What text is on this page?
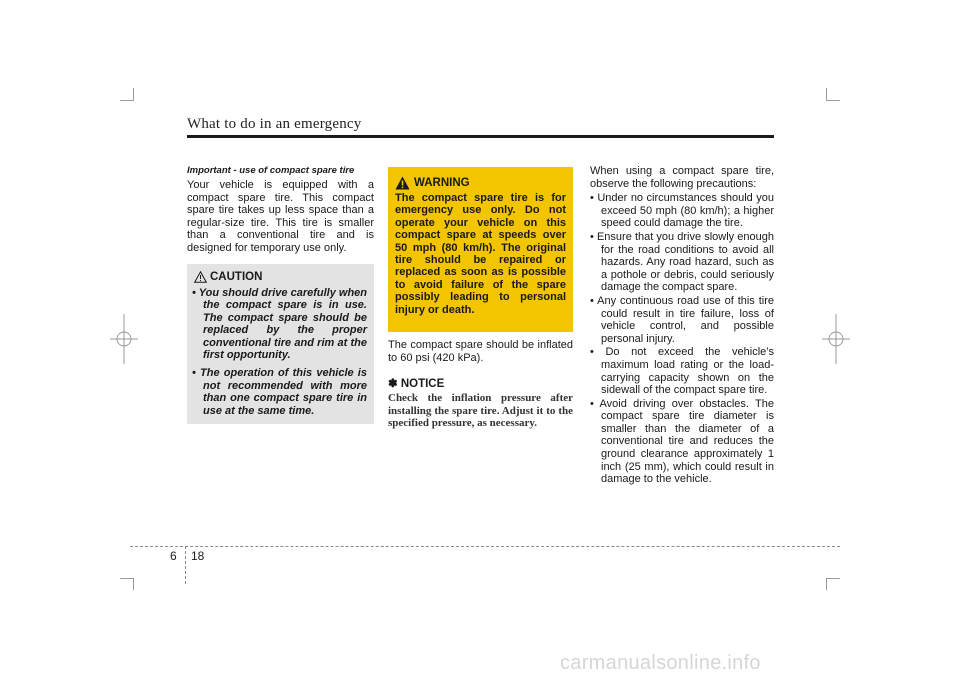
What to do in an emergency

Important - use of compact spare tire

Your vehicle is equipped with a compact spare tire. This compact spare tire takes up less space than a regular-size tire. This tire is smaller than a conventional tire and is designed for temporary use only.

CAUTION
• You should drive carefully when the compact spare is in use. The compact spare should be replaced by the proper conventional tire and rim at the first opportunity.
• The operation of this vehicle is not recommended with more than one compact spare tire in use at the same time.
WARNING

The compact spare tire is for emergency use only. Do not operate your vehicle on this compact spare at speeds over 50 mph (80 km/h). The original tire should be repaired or replaced as soon as is possible to avoid failure of the spare possibly leading to personal injury or death.

The compact spare should be inflated to 60 psi (420 kPa).

✽ NOTICE

Check the inflation pressure after installing the spare tire. Adjust it to the specified pressure, as necessary.

When using a compact spare tire, observe the following precautions:

• Under no circumstances should you exceed 50 mph (80 km/h); a higher speed could damage the tire.
• Ensure that you drive slowly enough for the road conditions to avoid all hazards. Any road hazard, such as a pothole or debris, could seriously damage the compact spare.
• Any continuous road use of this tire could result in tire failure, loss of vehicle control, and possible personal injury.
• Do not exceed the vehicle’s maximum load rating or the load-carrying capacity shown on the sidewall of the compact spare tire.
• Avoid driving over obstacles. The compact spare tire diameter is smaller than the diameter of a conventional tire and reduces the ground clearance approximately 1 inch (25 mm), which could result in damage to the vehicle.
6 18
carmanualsonline.info
